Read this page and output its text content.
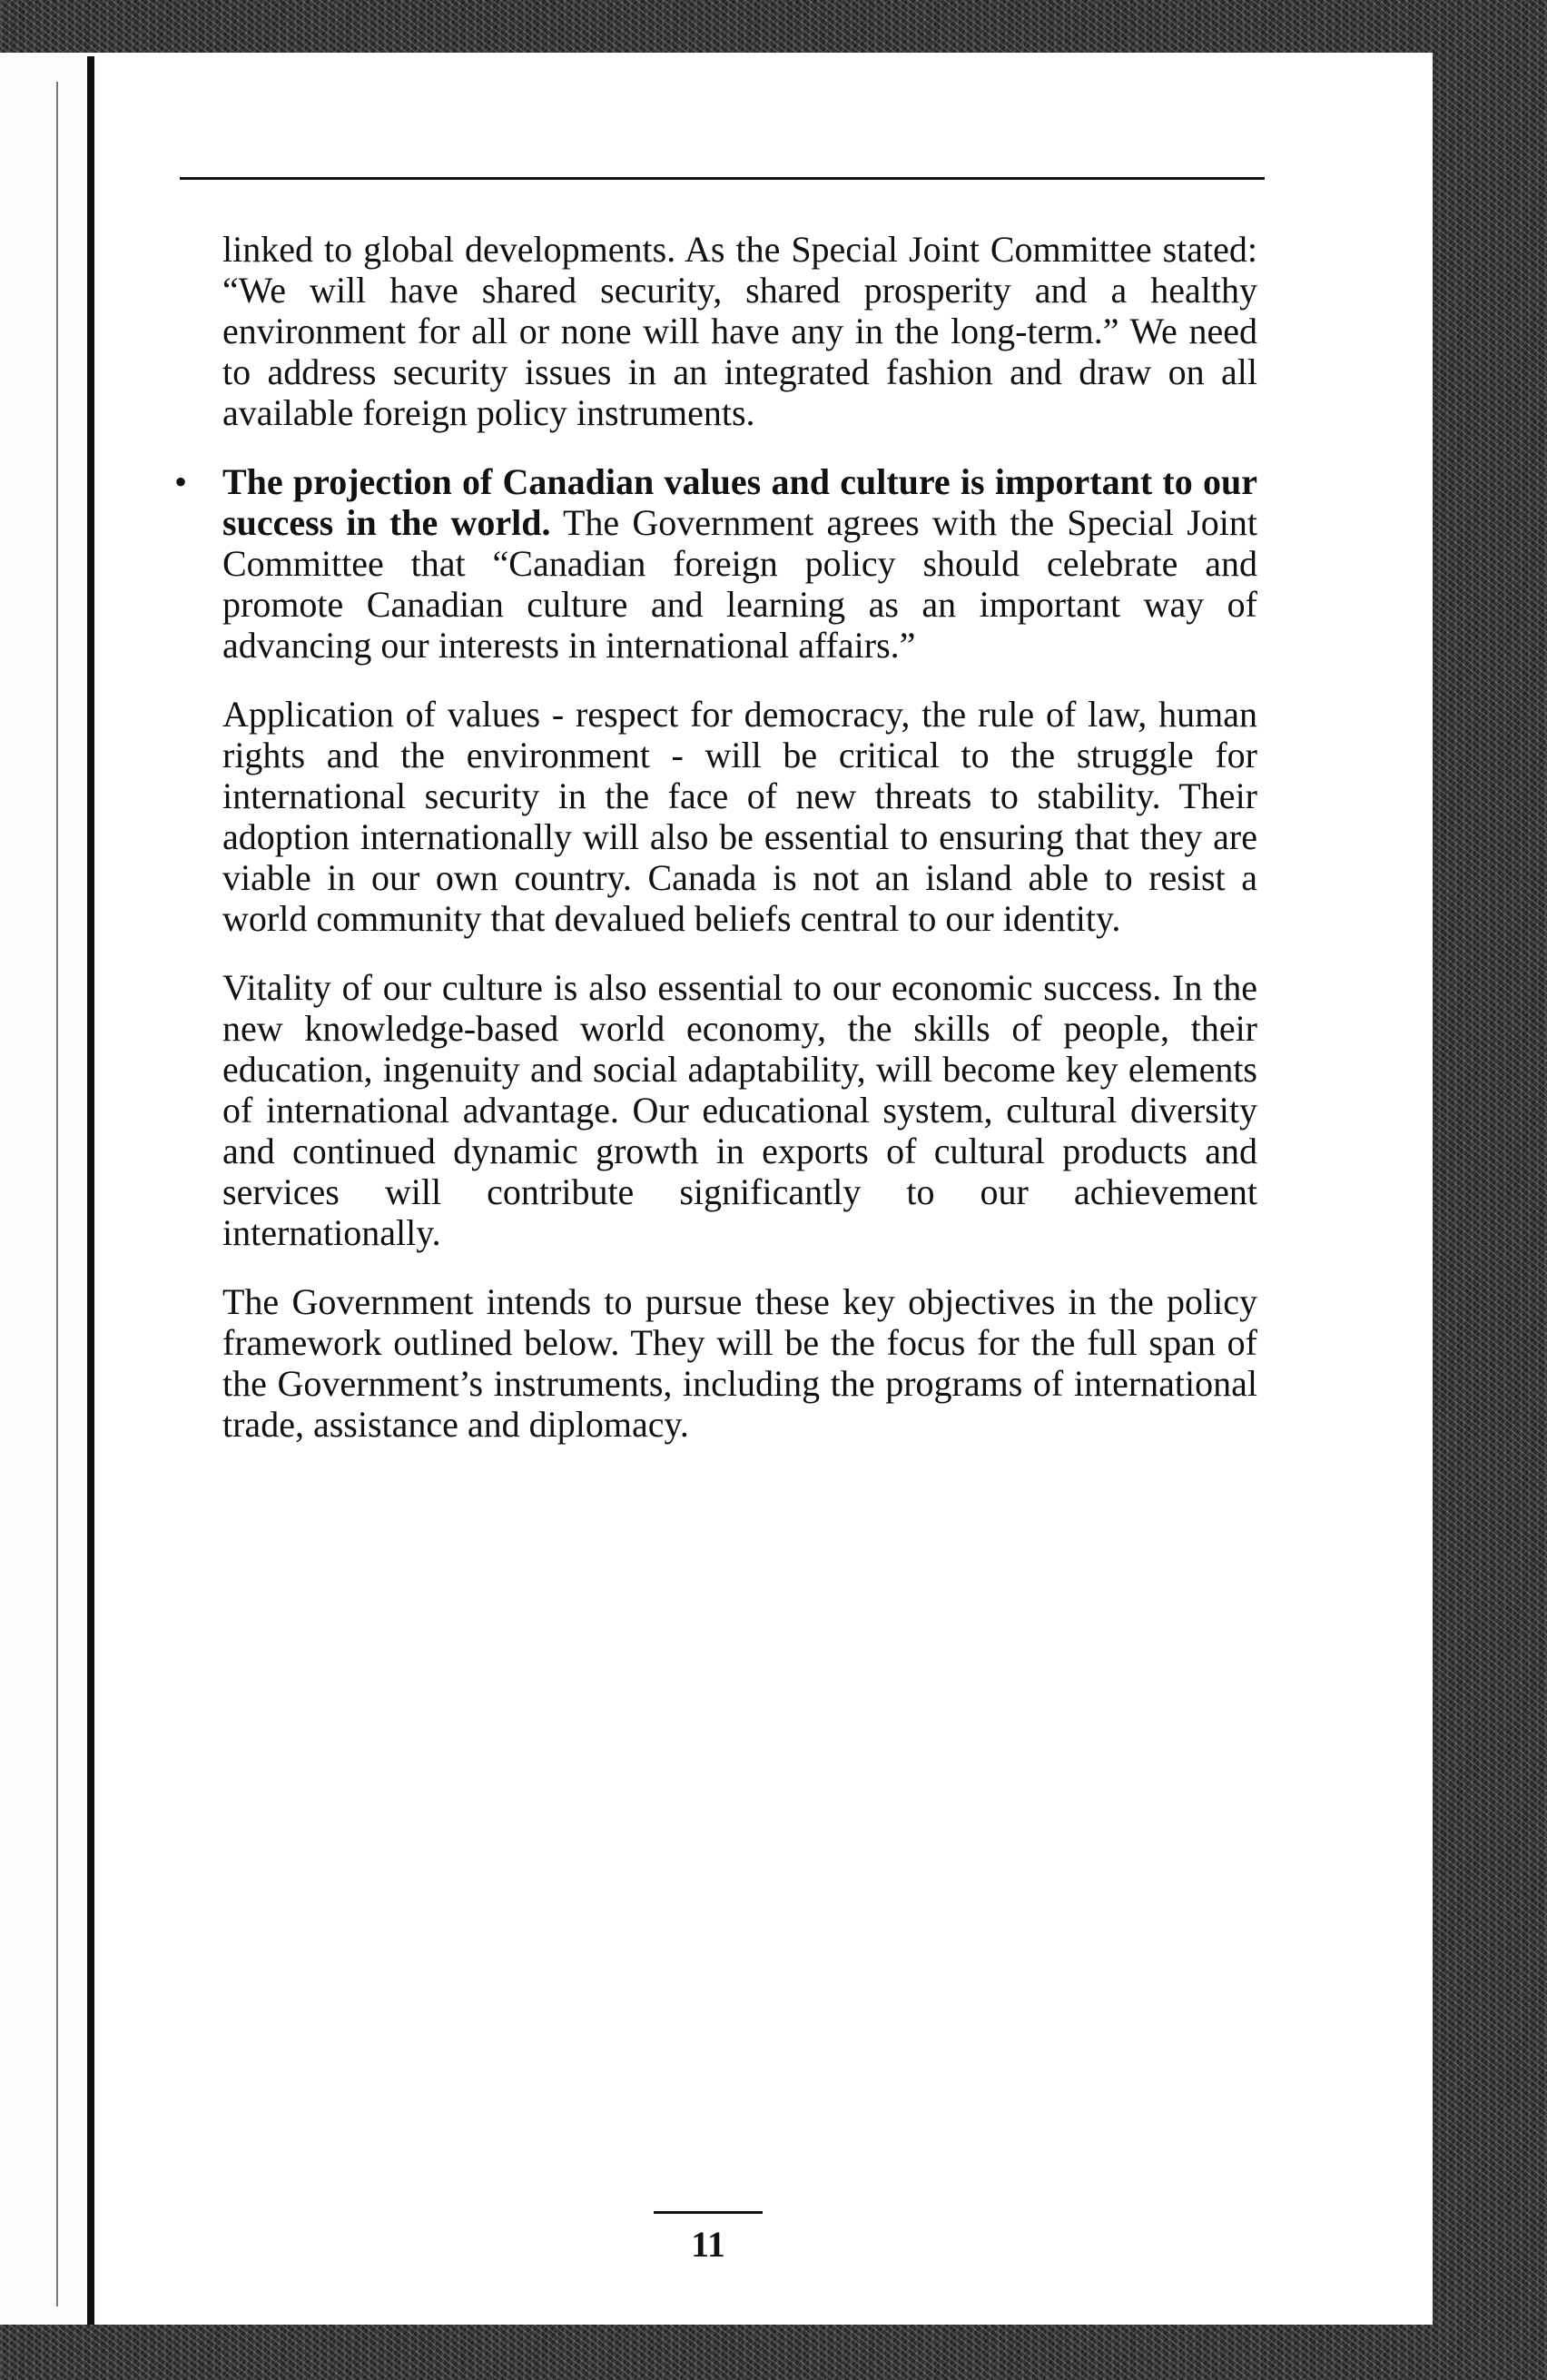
linked to global developments. As the Special Joint Committee stated: “We will have shared security, shared prosperity and a healthy environment for all or none will have any in the long-term.” We need to address security issues in an integrated fashion and draw on all available foreign policy instruments.

• The projection of Canadian values and culture is important to our success in the world. The Government agrees with the Special Joint Committee that “Canadian foreign policy should celebrate and promote Canadian culture and learning as an important way of advancing our interests in international affairs.”

Application of values - respect for democracy, the rule of law, human rights and the environment - will be critical to the struggle for international security in the face of new threats to stability. Their adoption internationally will also be essential to ensuring that they are viable in our own country. Canada is not an island able to resist a world community that devalued beliefs central to our identity.

Vitality of our culture is also essential to our economic success. In the new knowledge-based world economy, the skills of people, their education, ingenuity and social adaptability, will become key elements of international advantage. Our educational system, cultural diversity and continued dynamic growth in exports of cultural products and services will contribute significantly to our achievement internationally.

The Government intends to pursue these key objectives in the policy framework outlined below. They will be the focus for the full span of the Government’s instruments, including the programs of international trade, assistance and diplomacy.

11
